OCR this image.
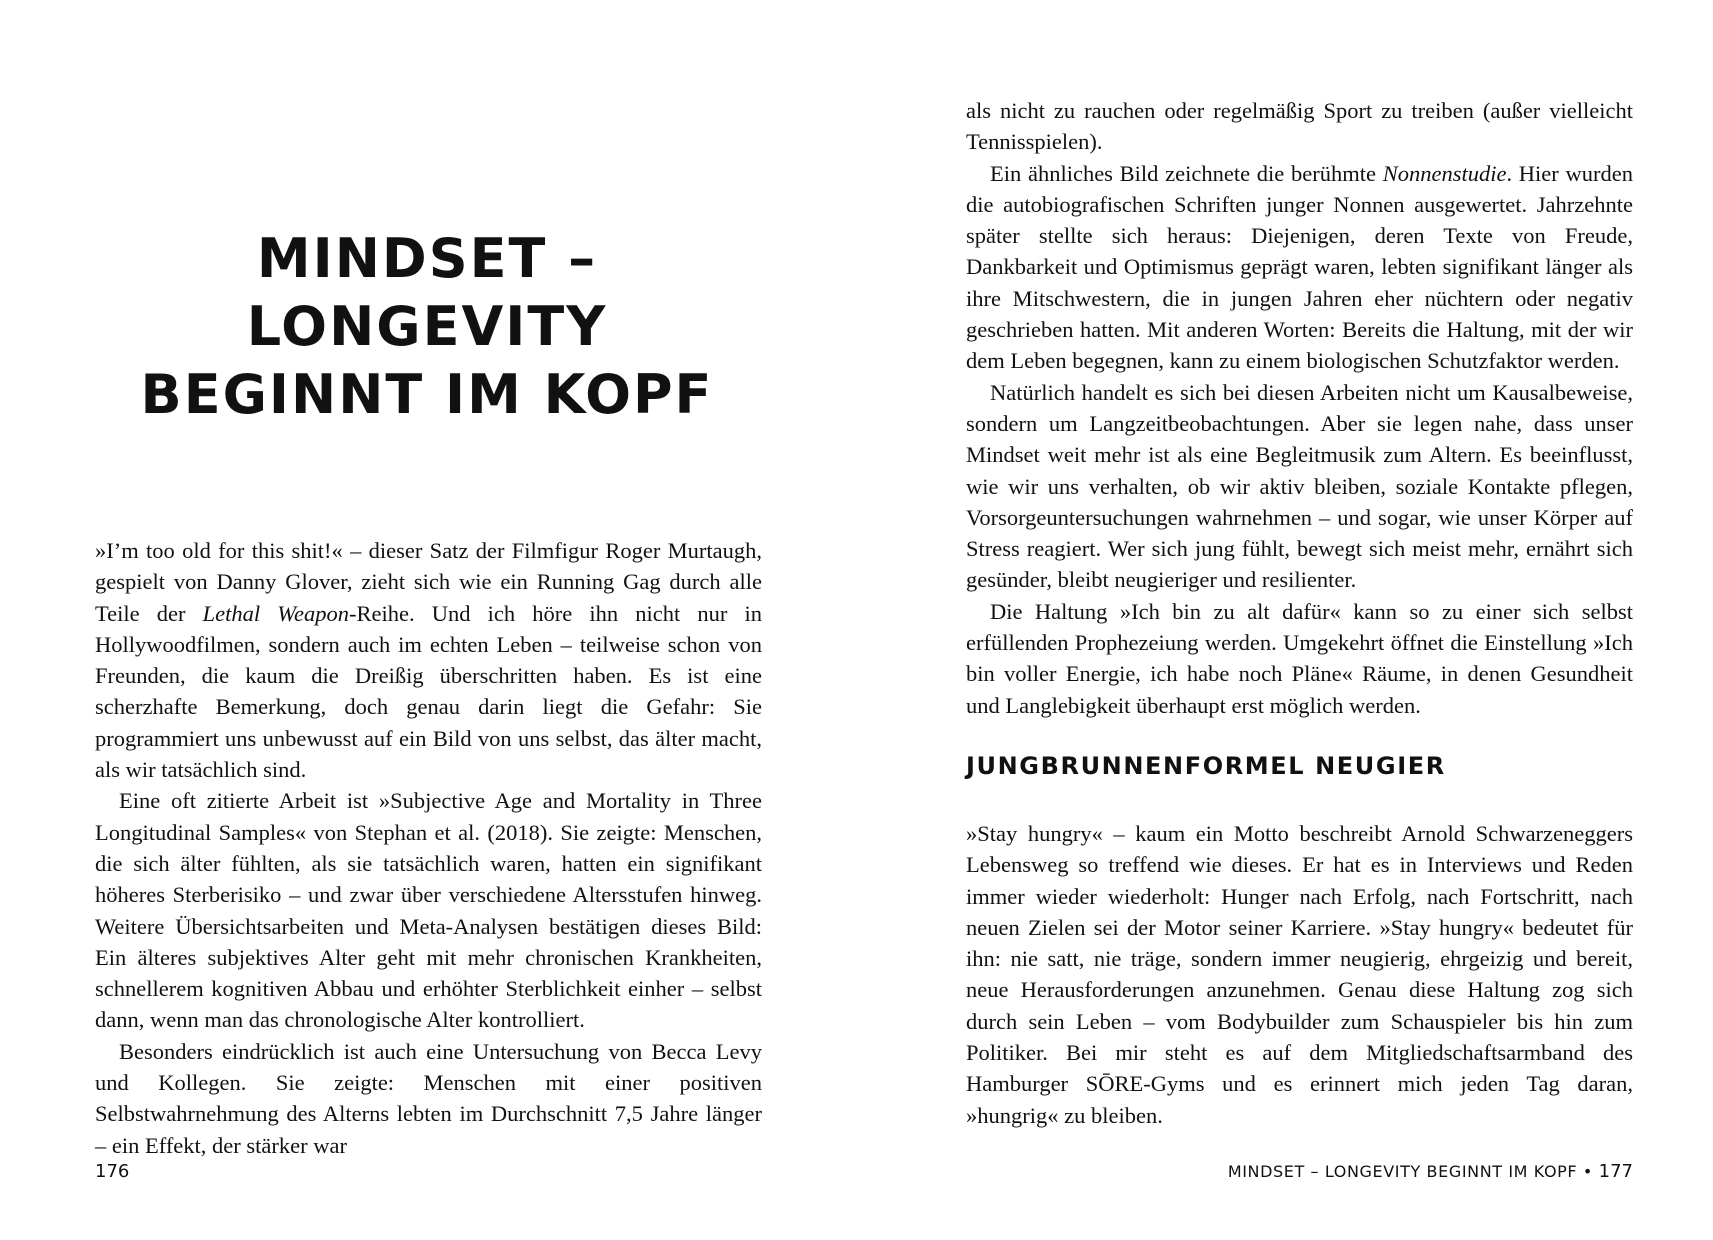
MINDSET –
LONGEVITY
BEGINNT IM KOPF

»I’m too old for this shit!« – dieser Satz der Filmfigur Roger Murtaugh, gespielt von Danny Glover, zieht sich wie ein Running Gag durch alle Teile der Lethal Weapon-Reihe. Und ich höre ihn nicht nur in Hollywoodfilmen, sondern auch im echten Leben – teilweise schon von Freunden, die kaum die Dreißig überschritten haben. Es ist eine scherzhafte Bemerkung, doch genau darin liegt die Gefahr: Sie programmiert uns unbewusst auf ein Bild von uns selbst, das älter macht, als wir tatsächlich sind.

Eine oft zitierte Arbeit ist »Subjective Age and Mortality in Three Longitudinal Samples« von Stephan et al. (2018). Sie zeigte: Menschen, die sich älter fühlten, als sie tatsächlich waren, hatten ein signifikant höheres Sterberisiko – und zwar über verschiedene Altersstufen hinweg. Weitere Übersichtsarbeiten und Meta-Analysen bestätigen dieses Bild: Ein älteres subjektives Alter geht mit mehr chronischen Krankheiten, schnellerem kognitiven Abbau und erhöhter Sterblichkeit einher – selbst dann, wenn man das chronologische Alter kontrolliert.

Besonders eindrücklich ist auch eine Untersuchung von Becca Levy und Kollegen. Sie zeigte: Menschen mit einer positiven Selbstwahrnehmung des Alterns lebten im Durchschnitt 7,5 Jahre länger – ein Effekt, der stärker war

176

als nicht zu rauchen oder regelmäßig Sport zu treiben (außer vielleicht Tennisspielen).

Ein ähnliches Bild zeichnete die berühmte Nonnenstudie. Hier wurden die autobiografischen Schriften junger Nonnen ausgewertet. Jahrzehnte später stellte sich heraus: Diejenigen, deren Texte von Freude, Dankbarkeit und Optimismus geprägt waren, lebten signifikant länger als ihre Mitschwestern, die in jungen Jahren eher nüchtern oder negativ geschrieben hatten. Mit anderen Worten: Bereits die Haltung, mit der wir dem Leben begegnen, kann zu einem biologischen Schutzfaktor werden.

Natürlich handelt es sich bei diesen Arbeiten nicht um Kausalbeweise, sondern um Langzeitbeobachtungen. Aber sie legen nahe, dass unser Mindset weit mehr ist als eine Begleitmusik zum Altern. Es beeinflusst, wie wir uns verhalten, ob wir aktiv bleiben, soziale Kontakte pflegen, Vorsorgeuntersuchungen wahrnehmen – und sogar, wie unser Körper auf Stress reagiert. Wer sich jung fühlt, bewegt sich meist mehr, ernährt sich gesünder, bleibt neugieriger und resilienter.

Die Haltung »Ich bin zu alt dafür« kann so zu einer sich selbst erfüllenden Prophezeiung werden. Umgekehrt öffnet die Einstellung »Ich bin voller Energie, ich habe noch Pläne« Räume, in denen Gesundheit und Langlebigkeit überhaupt erst möglich werden.

JUNGBRUNNENFORMEL NEUGIER

»Stay hungry« – kaum ein Motto beschreibt Arnold Schwarzeneggers Lebensweg so treffend wie dieses. Er hat es in Interviews und Reden immer wieder wiederholt: Hunger nach Erfolg, nach Fortschritt, nach neuen Zielen sei der Motor seiner Karriere. »Stay hungry« bedeutet für ihn: nie satt, nie träge, sondern immer neugierig, ehrgeizig und bereit, neue Herausforderungen anzunehmen. Genau diese Haltung zog sich durch sein Leben – vom Bodybuilder zum Schauspieler bis hin zum Politiker. Bei mir steht es auf dem Mitgliedschaftsarmband des Hamburger SŌRE-Gyms und es erinnert mich jeden Tag daran, »hungrig« zu bleiben.

MINDSET – LONGEVITY BEGINNT IM KOPF • 177
